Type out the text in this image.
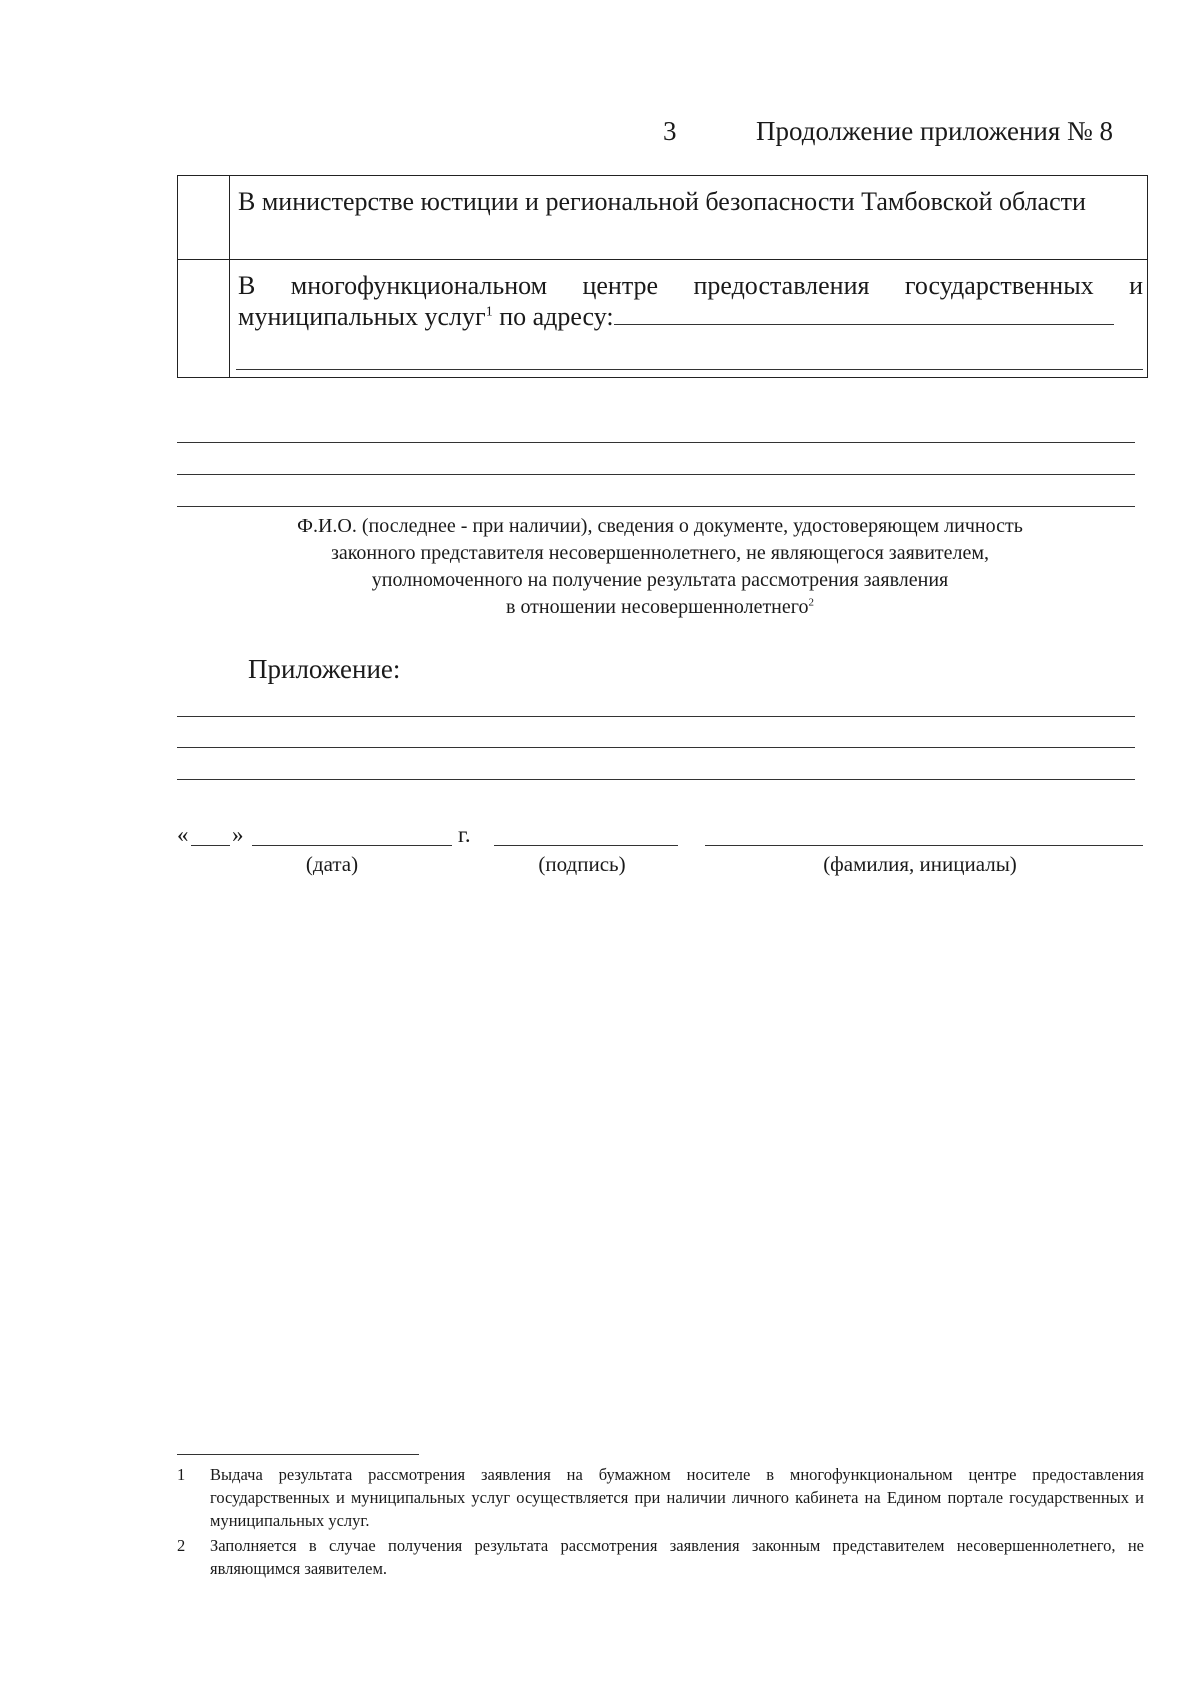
3	Продолжение приложения № 8
В министерстве юстиции и региональной безопасности Тамбовской области
В многофункциональном центре предоставления государственных и
муниципальных услуг$^1$ по адресу:
Ф.И.О. (последнее - при наличии), сведения о документе, удостоверяющем личность
законного представителя несовершеннолетнего, не являющегося заявителем,
уполномоченного на получение результата рассмотрения заявления
в отношении несовершеннолетнего$^2$
Приложение:
« »	г.
(дата)	(подпись)	(фамилия, инициалы)
1 Выдача результата рассмотрения заявления на бумажном носителе в многофункциональном центре предоставления государственных и муниципальных услуг осуществляется при наличии личного кабинета на Едином портале государственных и муниципальных услуг.
2 Заполняется в случае получения результата рассмотрения заявления законным представителем несовершеннолетнего, не являющимся заявителем.
